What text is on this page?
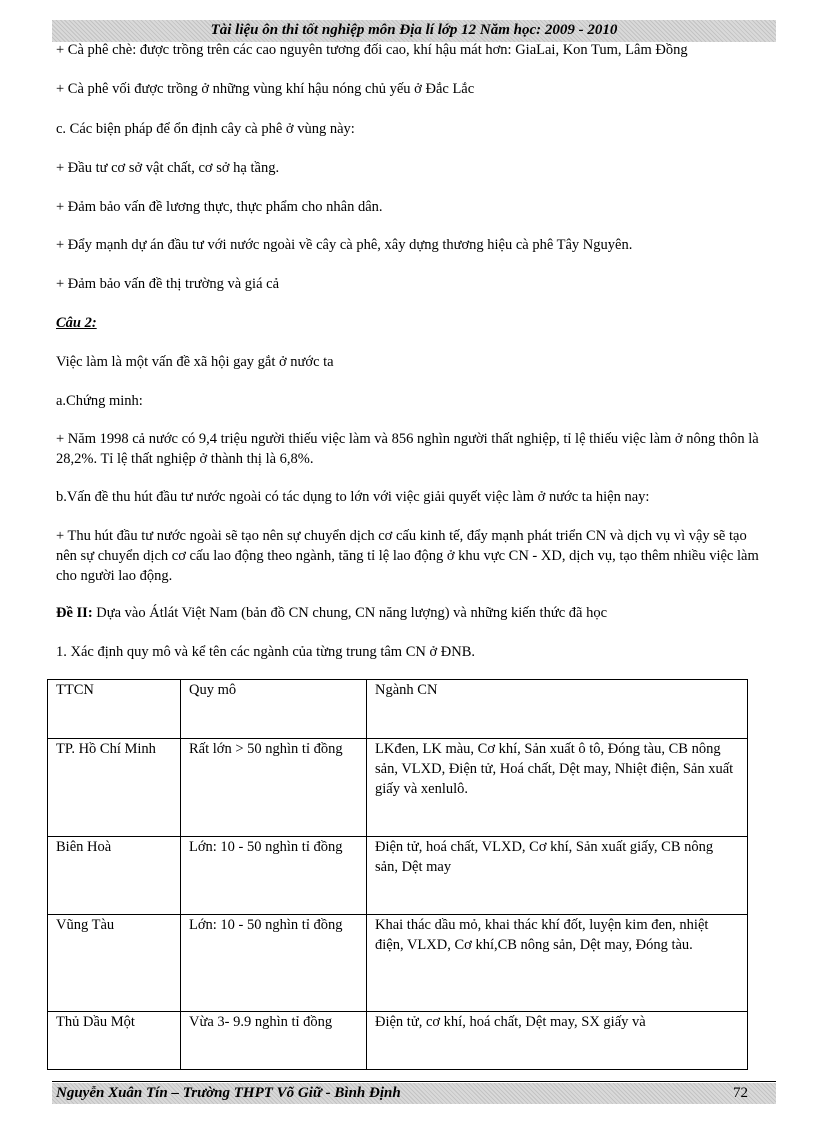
Tài liệu ôn thi tốt nghiệp môn Địa lí lớp 12 Năm học: 2009 - 2010
+ Cà phê chè: được trồng trên các cao nguyên tương đối cao, khí hậu mát hơn: GiaLai, Kon Tum, Lâm Đồng
+ Cà phê vối được trồng ở những vùng khí hậu nóng chủ yếu ở Đắc Lắc
c. Các biện pháp để ổn định cây cà phê ở vùng này:
+ Đầu tư cơ sở vật chất, cơ sở hạ tầng.
+ Đảm bảo vấn đề lương thực, thực phẩm cho nhân dân.
+ Đẩy mạnh dự án đầu tư với nước ngoài về cây cà phê, xây dựng thương hiệu cà phê Tây Nguyên.
+ Đảm bảo vấn đề thị trường và giá cả
Câu 2:
Việc làm là một vấn đề xã hội gay gắt ở nước ta
a.Chứng minh:
+ Năm 1998 cả nước có 9,4 triệu người thiếu việc làm và 856 nghìn người thất nghiệp, tỉ lệ thiếu việc làm ở nông thôn là 28,2%. Tỉ lệ thất nghiệp ở thành thị là 6,8%.
b.Vấn đề thu hút đầu tư nước ngoài có tác dụng to lớn với việc giải quyết việc làm ở nước ta hiện nay:
+ Thu hút đầu tư nước ngoài sẽ tạo nên sự chuyển dịch cơ cấu kinh tế, đẩy mạnh phát triển CN và dịch vụ vì vậy sẽ tạo nên sự chuyển dịch cơ cấu lao động theo ngành, tăng tỉ lệ lao động ở khu vực CN - XD, dịch vụ, tạo thêm nhiều việc làm cho người lao động.
Đề II: Dựa vào Átlát Việt Nam (bản đồ CN chung, CN năng lượng) và những kiến thức đã học
1. Xác định quy mô và kể tên các ngành của từng trung tâm CN ở ĐNB.
TTCN	Quy mô	Ngành CN
TP. Hồ Chí Minh	Rất lớn > 50 nghìn tỉ đồng	LKđen, LK màu, Cơ khí, Sản xuất ô tô, Đóng tàu, CB nông sản, VLXD, Điện tử, Hoá chất, Dệt may, Nhiệt điện, Sản xuất giấy và xenlulô.
Biên Hoà	Lớn: 10 - 50 nghìn tỉ đồng	Điện tử, hoá chất, VLXD, Cơ khí, Sản xuất giấy, CB nông sản, Dệt may
Vũng Tàu	Lớn: 10 - 50 nghìn tỉ đồng	Khai thác dầu mỏ, khai thác khí đốt, luyện kim đen, nhiệt điện, VLXD, Cơ khí,CB nông sản, Dệt may, Đóng tàu.
Thủ Dầu Một	Vừa 3- 9.9 nghìn tỉ đồng	Điện tử, cơ khí, hoá chất, Dệt may, SX giấy và
Nguyễn Xuân Tín – Trường THPT Võ Giữ - Bình Định	72
